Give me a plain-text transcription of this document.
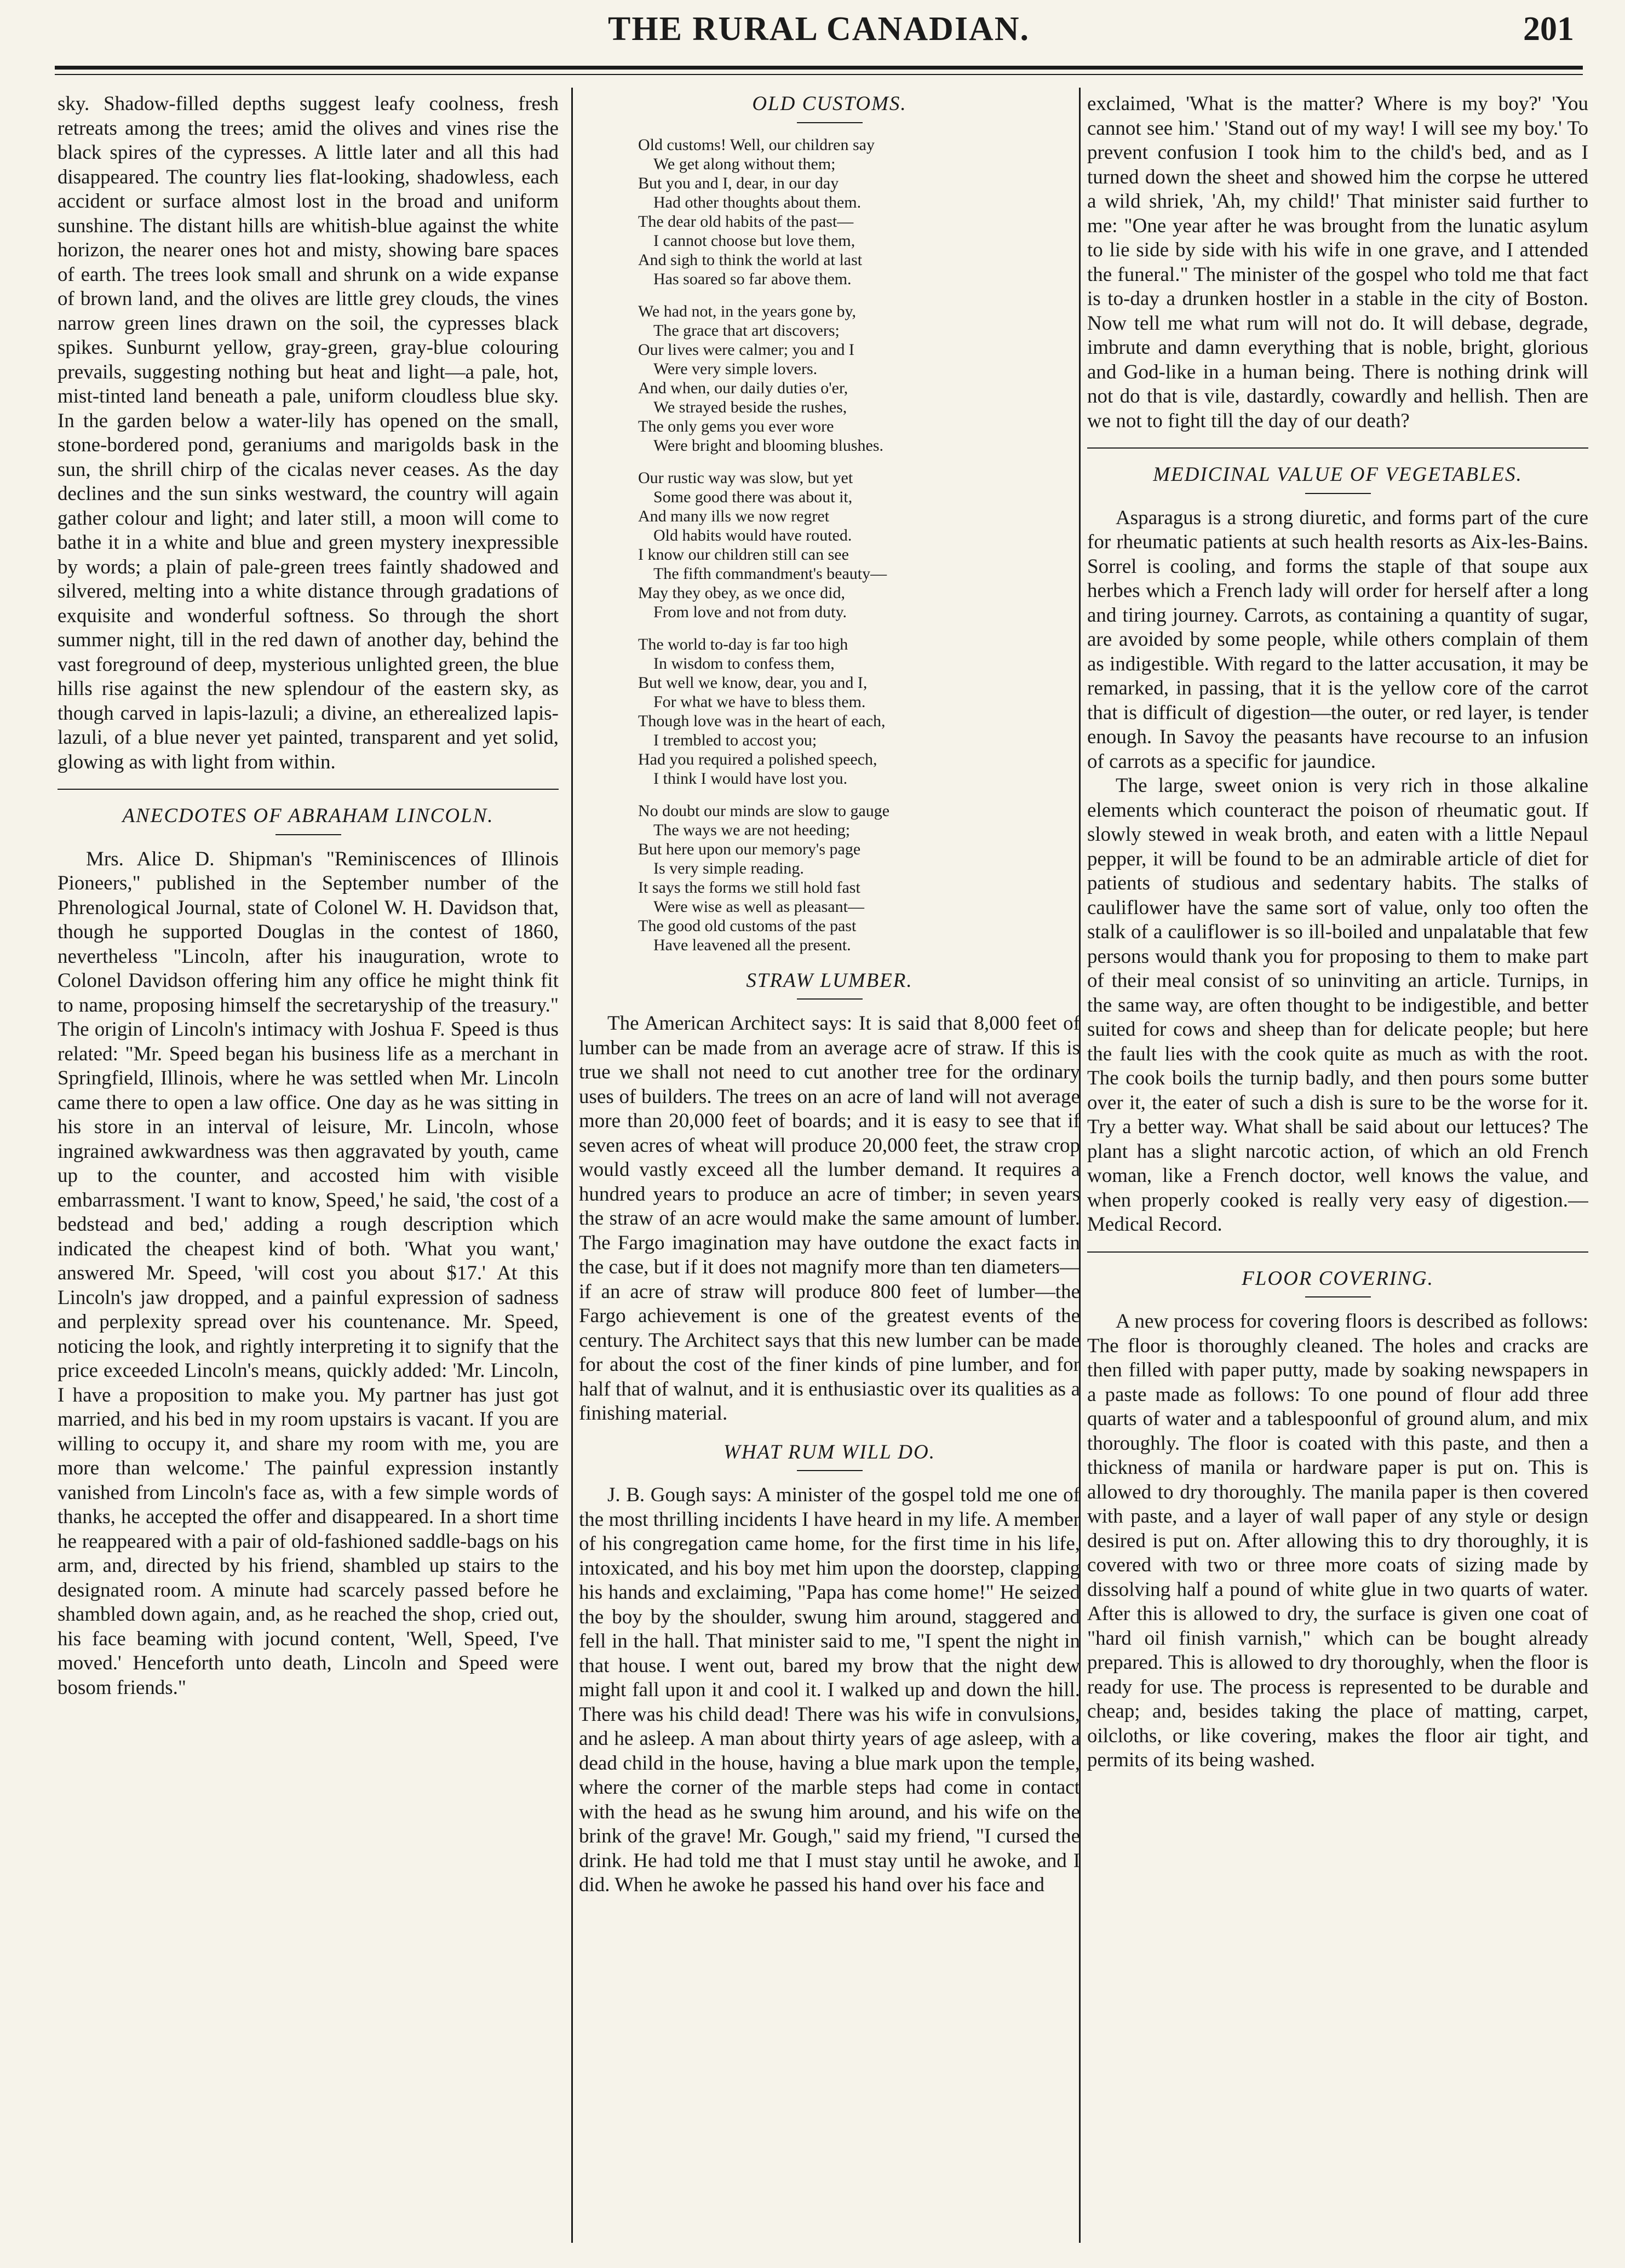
THE RURAL CANADIAN.	201

sky. Shadow-filled depths suggest leafy coolness, fresh retreats among the trees; amid the olives and vines rise the black spires of the cypresses. A little later and all this had disappeared. The country lies flat-looking, shadowless, each accident or surface almost lost in the broad and uniform sunshine. The distant hills are whitish-blue against the white horizon, the nearer ones hot and misty, showing bare spaces of earth. The trees look small and shrunk on a wide expanse of brown land, and the olives are little grey clouds, the vines narrow green lines drawn on the soil, the cypresses black spikes. Sunburnt yellow, gray-green, gray-blue colouring prevails, suggesting nothing but heat and light—a pale, hot, mist-tinted land beneath a pale, uniform cloudless blue sky. In the garden below a water-lily has opened on the small, stone-bordered pond, geraniums and marigolds bask in the sun, the shrill chirp of the cicalas never ceases. As the day declines and the sun sinks westward, the country will again gather colour and light; and later still, a moon will come to bathe it in a white and blue and green mystery inexpressible by words; a plain of pale-green trees faintly shadowed and silvered, melting into a white distance through gradations of exquisite and wonderful softness. So through the short summer night, till in the red dawn of another day, behind the vast foreground of deep, mysterious unlighted green, the blue hills rise against the new splendour of the eastern sky, as though carved in lapis-lazuli; a divine, an etherealized lapis-lazuli, of a blue never yet painted, transparent and yet solid, glowing as with light from within.

ANECDOTES OF ABRAHAM LINCOLN.

Mrs. Alice D. Shipman's "Reminiscences of Illinois Pioneers," published in the September number of the Phrenological Journal, state of Colonel W. H. Davidson that, though he supported Douglas in the contest of 1860, nevertheless "Lincoln, after his inauguration, wrote to Colonel Davidson offering him any office he might think fit to name, proposing himself the secretaryship of the treasury." The origin of Lincoln's intimacy with Joshua F. Speed is thus related: "Mr. Speed began his business life as a merchant in Springfield, Illinois, where he was settled when Mr. Lincoln came there to open a law office. One day as he was sitting in his store in an interval of leisure, Mr. Lincoln, whose ingrained awkwardness was then aggravated by youth, came up to the counter, and accosted him with visible embarrassment. 'I want to know, Speed,' he said, 'the cost of a bedstead and bed,' adding a rough description which indicated the cheapest kind of both. 'What you want,' answered Mr. Speed, 'will cost you about $17.' At this Lincoln's jaw dropped, and a painful expression of sadness and perplexity spread over his countenance. Mr. Speed, noticing the look, and rightly interpreting it to signify that the price exceeded Lincoln's means, quickly added: 'Mr. Lincoln, I have a proposition to make you. My partner has just got married, and his bed in my room upstairs is vacant. If you are willing to occupy it, and share my room with me, you are more than welcome.' The painful expression instantly vanished from Lincoln's face as, with a few simple words of thanks, he accepted the offer and disappeared. In a short time he reappeared with a pair of old-fashioned saddle-bags on his arm, and, directed by his friend, shambled up stairs to the designated room. A minute had scarcely passed before he shambled down again, and, as he reached the shop, cried out, his face beaming with jocund content, 'Well, Speed, I've moved.' Henceforth unto death, Lincoln and Speed were bosom friends."

OLD CUSTOMS.
Old customs! Well, our children say
We get along without them;
But you and I, dear, in our day
Had other thoughts about them.
The dear old habits of the past—
I cannot choose but love them,
And sigh to think the world at last
Has soared so far above them.
We had not, in the years gone by,
The grace that art discovers;
Our lives were calmer; you and I
Were very simple lovers.
And when, our daily duties o'er,
We strayed beside the rushes,
The only gems you ever wore
Were bright and blooming blushes.
Our rustic way was slow, but yet
Some good there was about it,
And many ills we now regret
Old habits would have routed.
I know our children still can see
The fifth commandment's beauty—
May they obey, as we once did,
From love and not from duty.
The world to-day is far too high
In wisdom to confess them,
But well we know, dear, you and I,
For what we have to bless them.
Though love was in the heart of each,
I trembled to accost you;
Had you required a polished speech,
I think I would have lost you.
No doubt our minds are slow to gauge
The ways we are not heeding;
But here upon our memory's page
Is very simple reading.
It says the forms we still hold fast
Were wise as well as pleasant—
The good old customs of the past
Have leavened all the present.
STRAW LUMBER.

The American Architect says: It is said that 8,000 feet of lumber can be made from an average acre of straw. If this is true we shall not need to cut another tree for the ordinary uses of builders. The trees on an acre of land will not average more than 20,000 feet of boards; and it is easy to see that if seven acres of wheat will produce 20,000 feet, the straw crop would vastly exceed all the lumber demand. It requires a hundred years to produce an acre of timber; in seven years the straw of an acre would make the same amount of lumber. The Fargo imagination may have outdone the exact facts in the case, but if it does not magnify more than ten diameters—if an acre of straw will produce 800 feet of lumber—the Fargo achievement is one of the greatest events of the century. The Architect says that this new lumber can be made for about the cost of the finer kinds of pine lumber, and for half that of walnut, and it is enthusiastic over its qualities as a finishing material.

WHAT RUM WILL DO.

J. B. Gough says: A minister of the gospel told me one of the most thrilling incidents I have heard in my life. A member of his congregation came home, for the first time in his life, intoxicated, and his boy met him upon the doorstep, clapping his hands and exclaiming, "Papa has come home!" He seized the boy by the shoulder, swung him around, staggered and fell in the hall. That minister said to me, "I spent the night in that house. I went out, bared my brow that the night dew might fall upon it and cool it. I walked up and down the hill. There was his child dead! There was his wife in convulsions, and he asleep. A man about thirty years of age asleep, with a dead child in the house, having a blue mark upon the temple, where the corner of the marble steps had come in contact with the head as he swung him around, and his wife on the brink of the grave! Mr. Gough," said my friend, "I cursed the drink. He had told me that I must stay until he awoke, and I did. When he awoke he passed his hand over his face and

exclaimed, 'What is the matter? Where is my boy?' 'You cannot see him.' 'Stand out of my way! I will see my boy.' To prevent confusion I took him to the child's bed, and as I turned down the sheet and showed him the corpse he uttered a wild shriek, 'Ah, my child!' That minister said further to me: "One year after he was brought from the lunatic asylum to lie side by side with his wife in one grave, and I attended the funeral." The minister of the gospel who told me that fact is to-day a drunken hostler in a stable in the city of Boston. Now tell me what rum will not do. It will debase, degrade, imbrute and damn everything that is noble, bright, glorious and God-like in a human being. There is nothing drink will not do that is vile, dastardly, cowardly and hellish. Then are we not to fight till the day of our death?

MEDICINAL VALUE OF VEGETABLES.

Asparagus is a strong diuretic, and forms part of the cure for rheumatic patients at such health resorts as Aix-les-Bains. Sorrel is cooling, and forms the staple of that soupe aux herbes which a French lady will order for herself after a long and tiring journey. Carrots, as containing a quantity of sugar, are avoided by some people, while others complain of them as indigestible. With regard to the latter accusation, it may be remarked, in passing, that it is the yellow core of the carrot that is difficult of digestion—the outer, or red layer, is tender enough. In Savoy the peasants have recourse to an infusion of carrots as a specific for jaundice.

The large, sweet onion is very rich in those alkaline elements which counteract the poison of rheumatic gout. If slowly stewed in weak broth, and eaten with a little Nepaul pepper, it will be found to be an admirable article of diet for patients of studious and sedentary habits. The stalks of cauliflower have the same sort of value, only too often the stalk of a cauliflower is so ill-boiled and unpalatable that few persons would thank you for proposing to them to make part of their meal consist of so uninviting an article. Turnips, in the same way, are often thought to be indigestible, and better suited for cows and sheep than for delicate people; but here the fault lies with the cook quite as much as with the root. The cook boils the turnip badly, and then pours some butter over it, the eater of such a dish is sure to be the worse for it. Try a better way. What shall be said about our lettuces? The plant has a slight narcotic action, of which an old French woman, like a French doctor, well knows the value, and when properly cooked is really very easy of digestion.—Medical Record.

FLOOR COVERING.

A new process for covering floors is described as follows: The floor is thoroughly cleaned. The holes and cracks are then filled with paper putty, made by soaking newspapers in a paste made as follows: To one pound of flour add three quarts of water and a tablespoonful of ground alum, and mix thoroughly. The floor is coated with this paste, and then a thickness of manila or hardware paper is put on. This is allowed to dry thoroughly. The manila paper is then covered with paste, and a layer of wall paper of any style or design desired is put on. After allowing this to dry thoroughly, it is covered with two or three more coats of sizing made by dissolving half a pound of white glue in two quarts of water. After this is allowed to dry, the surface is given one coat of "hard oil finish varnish," which can be bought already prepared. This is allowed to dry thoroughly, when the floor is ready for use. The process is represented to be durable and cheap; and, besides taking the place of matting, carpet, oilcloths, or like covering, makes the floor air tight, and permits of its being washed.
